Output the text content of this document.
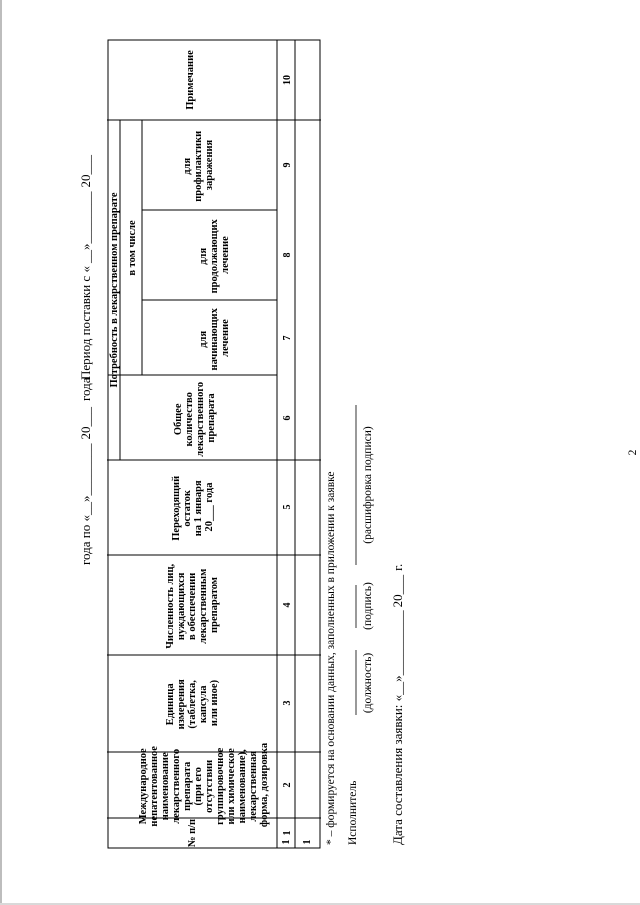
2
Период поставки с «__»________20___
года по «__»________20___года
№ п/п
Международное непатентованное наименование лекарственного препарата (при его отсутствии группировочное или химическое наименование), лекарственная форма, дозировка
Единица измерения (таблетка, капсула или иное)
Численность лиц, нуждающихся в обеспечении лекарственным препаратом
Переходящий остаток на 1 января 20___ года
Потребность в лекарственном препарате
Общее количество лекарственного препарата
в том числе
для начинающих лечение
для продолжающих лечение
для профилактики заражения
Примечание
1
2
3
4
5
6
7
8
9
10
1 1 * – формируется на основании данных, заполненных в приложении к заявке Исполнитель
(должность)
(подпись)
(расшифровка подписи)
Дата составления заявки: «__»__________20___г.
